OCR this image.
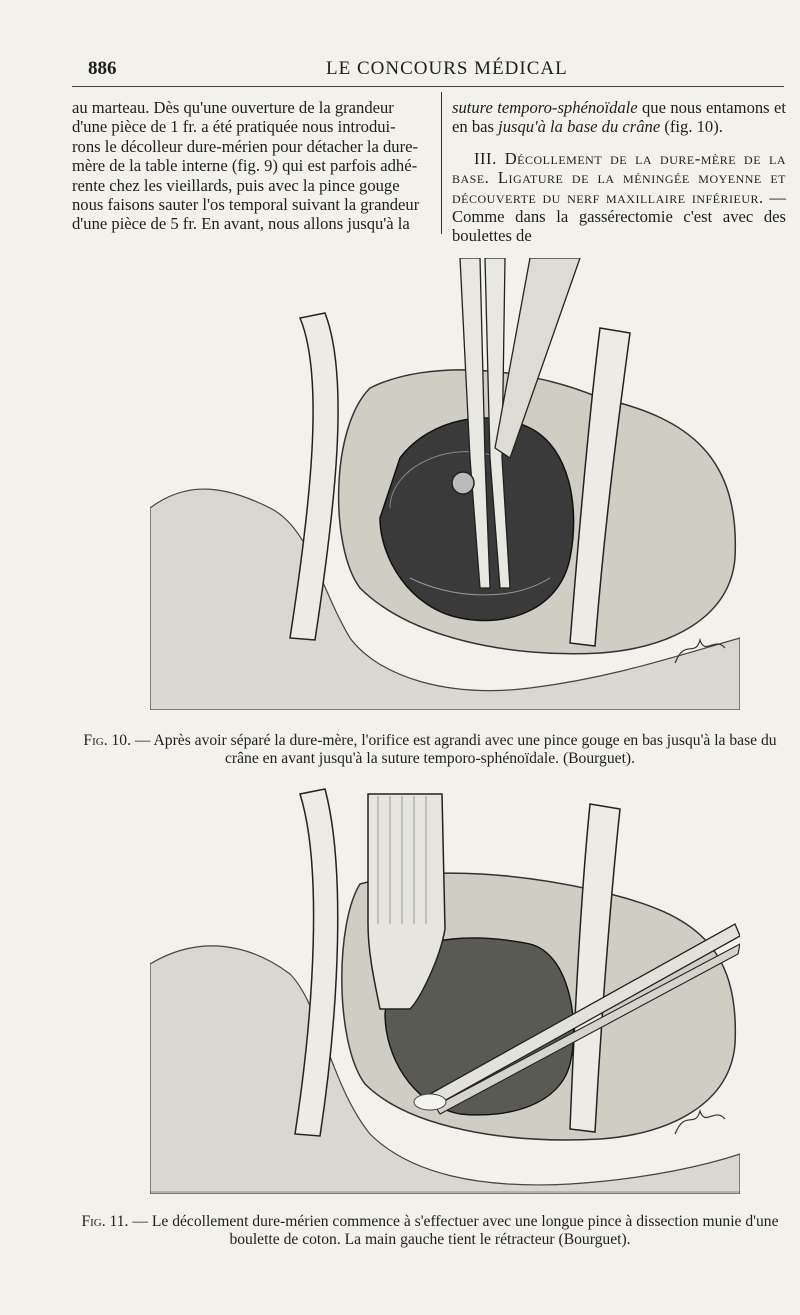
886	LE CONCOURS MÉDICAL

au marteau. Dès qu'une ouverture de la grandeur

d'une pièce de 1 fr. a été pratiquée nous introdui-

rons le décolleur dure-mérien pour détacher la dure-

mère de la table interne (fig. 9) qui est parfois adhé-

rente chez les vieillards, puis avec la pince gouge

nous faisons sauter l'os temporal suivant la grandeur

d'une pièce de 5 fr. En avant, nous allons jusqu'à la

suture temporo-sphénoïdale que nous entamons et en bas jusqu'à la base du crâne (fig. 10).

III. Décollement de la dure-mère de la base. Ligature de la méningée moyenne et découverte du nerf maxillaire inférieur. — Comme dans la gassérectomie c'est avec des boulettes de

Fig. 10. — Après avoir séparé la dure-mère, l'orifice est agrandi avec une pince gouge en bas jusqu'à la base du crâne en avant jusqu'à la suture temporo-sphénoïdale. (Bourguet).
Fig. 11. — Le décollement dure-mérien commence à s'effectuer avec une longue pince à dissection munie d'une boulette de coton. La main gauche tient le rétracteur (Bourguet).
